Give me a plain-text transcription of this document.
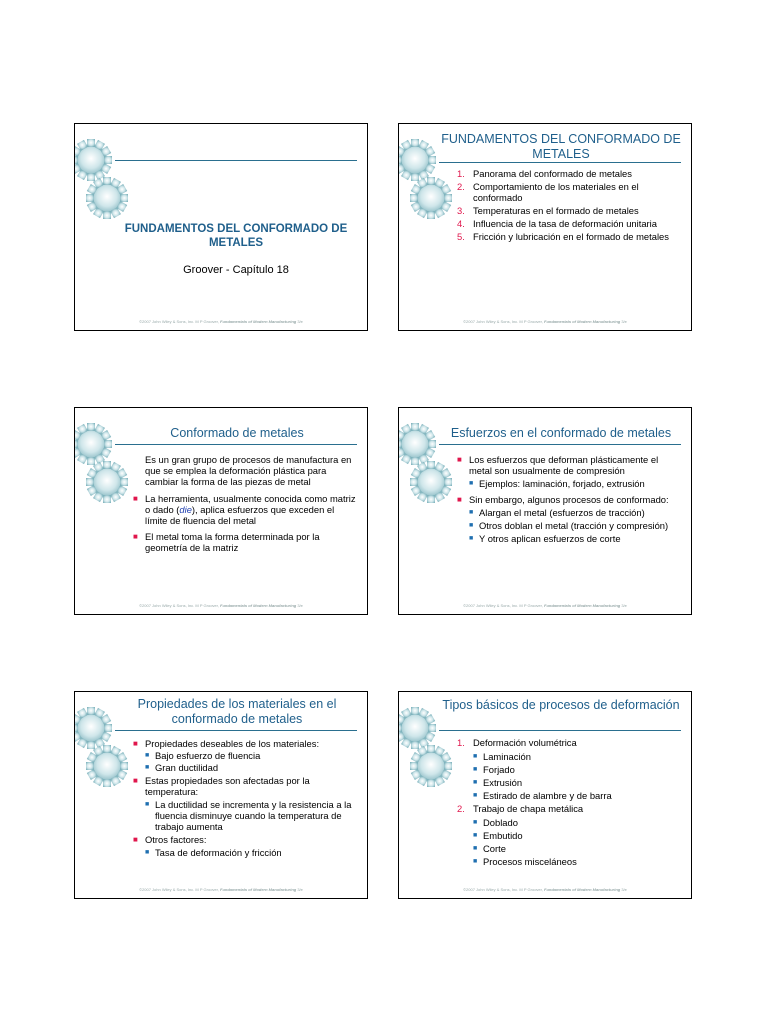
FUNDAMENTOS DEL CONFORMADO DE METALES
Groover - Capítulo 18
©2007 John Wiley & Sons, Inc. M P Groover, Fundamentals of Modern Manufacturing 3/e
FUNDAMENTOS DEL CONFORMADO DE METALES
1. Panorama del conformado de metales
2. Comportamiento de los materiales en el conformado
3. Temperaturas en el formado de metales
4. Influencia de la tasa de deformación unitaria
5. Fricción y lubricación en el formado de metales
©2007 John Wiley & Sons, Inc. M P Groover, Fundamentals of Modern Manufacturing 3/e
Conformado de metales
Es un gran grupo de procesos de manufactura en que se emplea la deformación plástica para cambiar la forma de las piezas de metal
■ La herramienta, usualmente conocida como matriz o dado (die), aplica esfuerzos que exceden el límite de fluencia del metal
■ El metal toma la forma determinada por la geometría de la matriz
©2007 John Wiley & Sons, Inc. M P Groover, Fundamentals of Modern Manufacturing 3/e
Esfuerzos en el conformado de metales
■ Los esfuerzos que deforman plásticamente el metal son usualmente de compresión
■ Ejemplos: laminación, forjado, extrusión
■ Sin embargo, algunos procesos de conformado:
■ Alargan el metal (esfuerzos de tracción)
■ Otros doblan el metal (tracción y compresión)
■ Y otros aplican esfuerzos de corte
©2007 John Wiley & Sons, Inc. M P Groover, Fundamentals of Modern Manufacturing 3/e
Propiedades de los materiales en el conformado de metales
■ Propiedades deseables de los materiales:
■ Bajo esfuerzo de fluencia
■ Gran ductilidad
■ Estas propiedades son afectadas por la temperatura:
■ La ductilidad se incrementa y la resistencia a la fluencia disminuye cuando la temperatura de trabajo aumenta
■ Otros factores:
■ Tasa de deformación y fricción
©2007 John Wiley & Sons, Inc. M P Groover, Fundamentals of Modern Manufacturing 3/e
Tipos básicos de procesos de deformación
1. Deformación volumétrica
■ Laminación
■ Forjado
■ Extrusión
■ Estirado de alambre y de barra
2. Trabajo de chapa metálica
■ Doblado
■ Embutido
■ Corte
■ Procesos misceláneos
©2007 John Wiley & Sons, Inc. M P Groover, Fundamentals of Modern Manufacturing 3/e
